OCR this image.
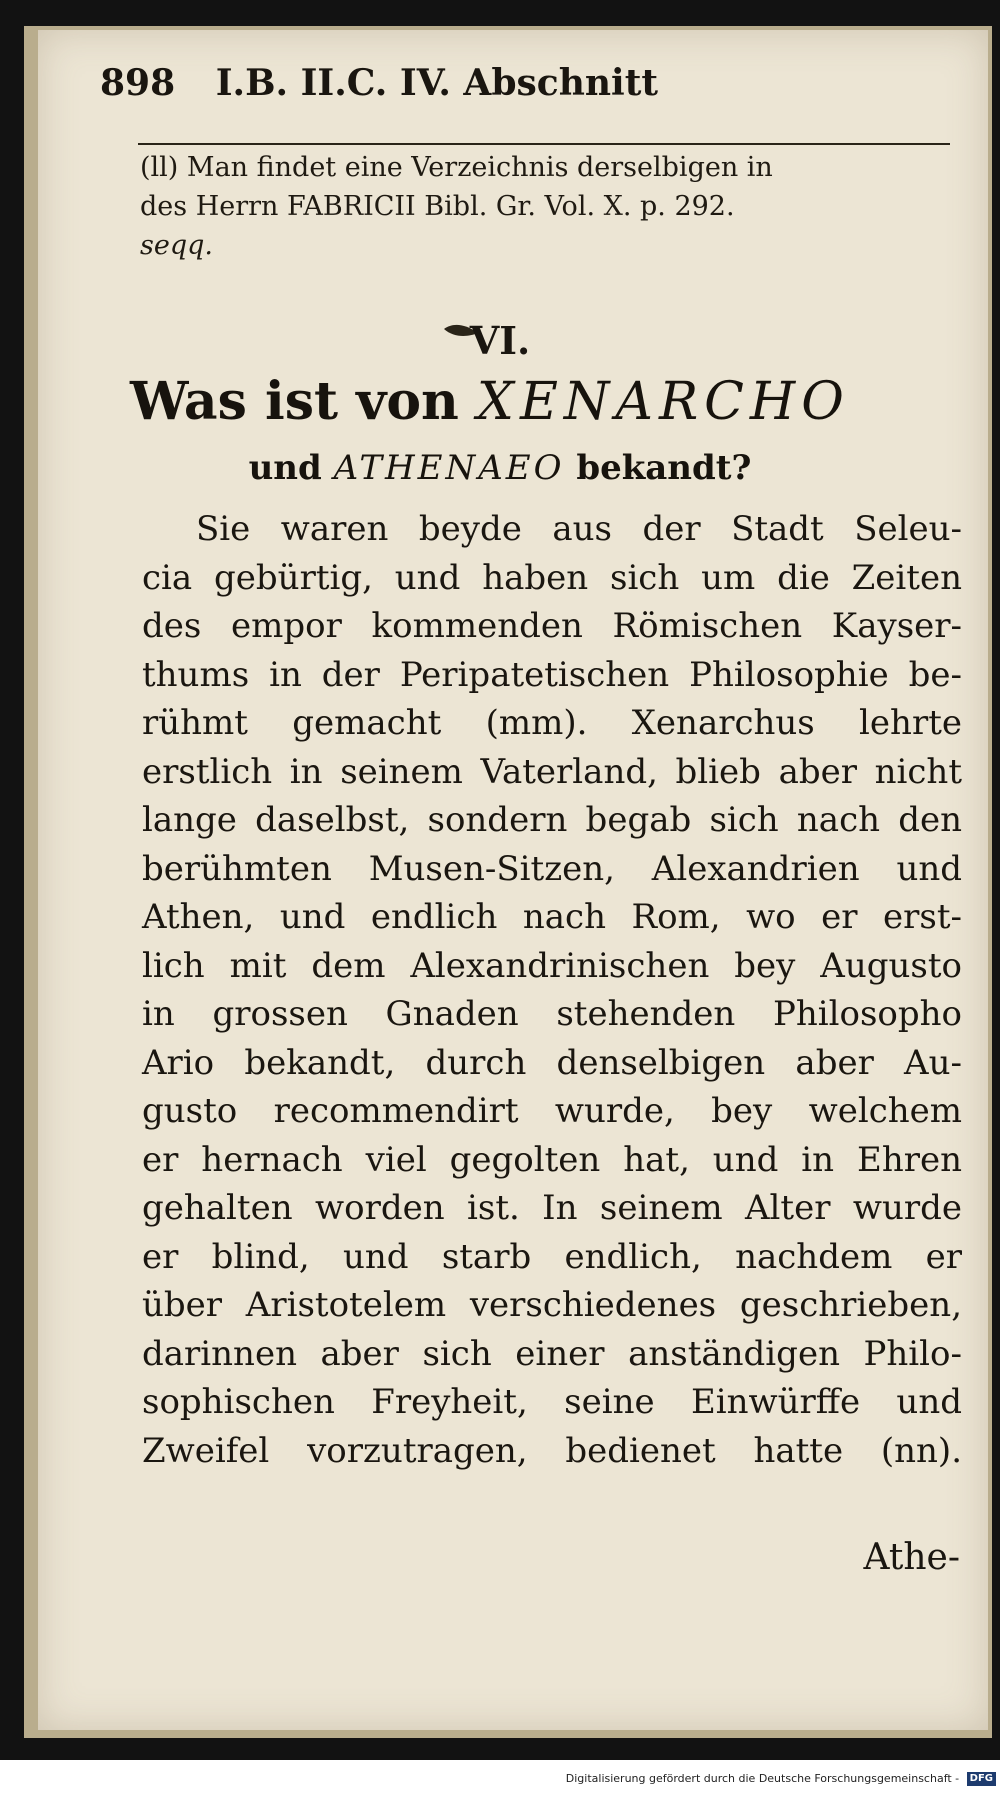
898 I.B. II.C. IV. Abschnitt
(ll) Man findet eine Verzeichnis derselbigen in
des Herrn FABRICII Bibl. Gr. Vol. X. p. 292.
seqq.
VI.
Was ist von XENARCHO
und ATHENAEO bekandt?
Sie waren beyde aus der Stadt Seleu-
cia gebürtig, und haben sich um die Zeiten
des empor kommenden Römischen Kayser-
thums in der Peripatetischen Philosophie be-
rühmt gemacht (mm). Xenarchus lehrte
erstlich in seinem Vaterland, blieb aber nicht
lange daselbst, sondern begab sich nach den
berühmten Musen-Sitzen, Alexandrien und
Athen, und endlich nach Rom, wo er erst-
lich mit dem Alexandrinischen bey Augusto
in grossen Gnaden stehenden Philosopho
Ario bekandt, durch denselbigen aber Au-
gusto recommendirt wurde, bey welchem
er hernach viel gegolten hat, und in Ehren
gehalten worden ist. In seinem Alter wurde
er blind, und starb endlich, nachdem er
über Aristotelem verschiedenes geschrieben,
darinnen aber sich einer anständigen Philo-
sophischen Freyheit, seine Einwürffe und
Zweifel vorzutragen, bedienet hatte (nn).
Athe-
Digitalisierung gefördert durch die Deutsche Forschungsgemeinschaft - DFG
